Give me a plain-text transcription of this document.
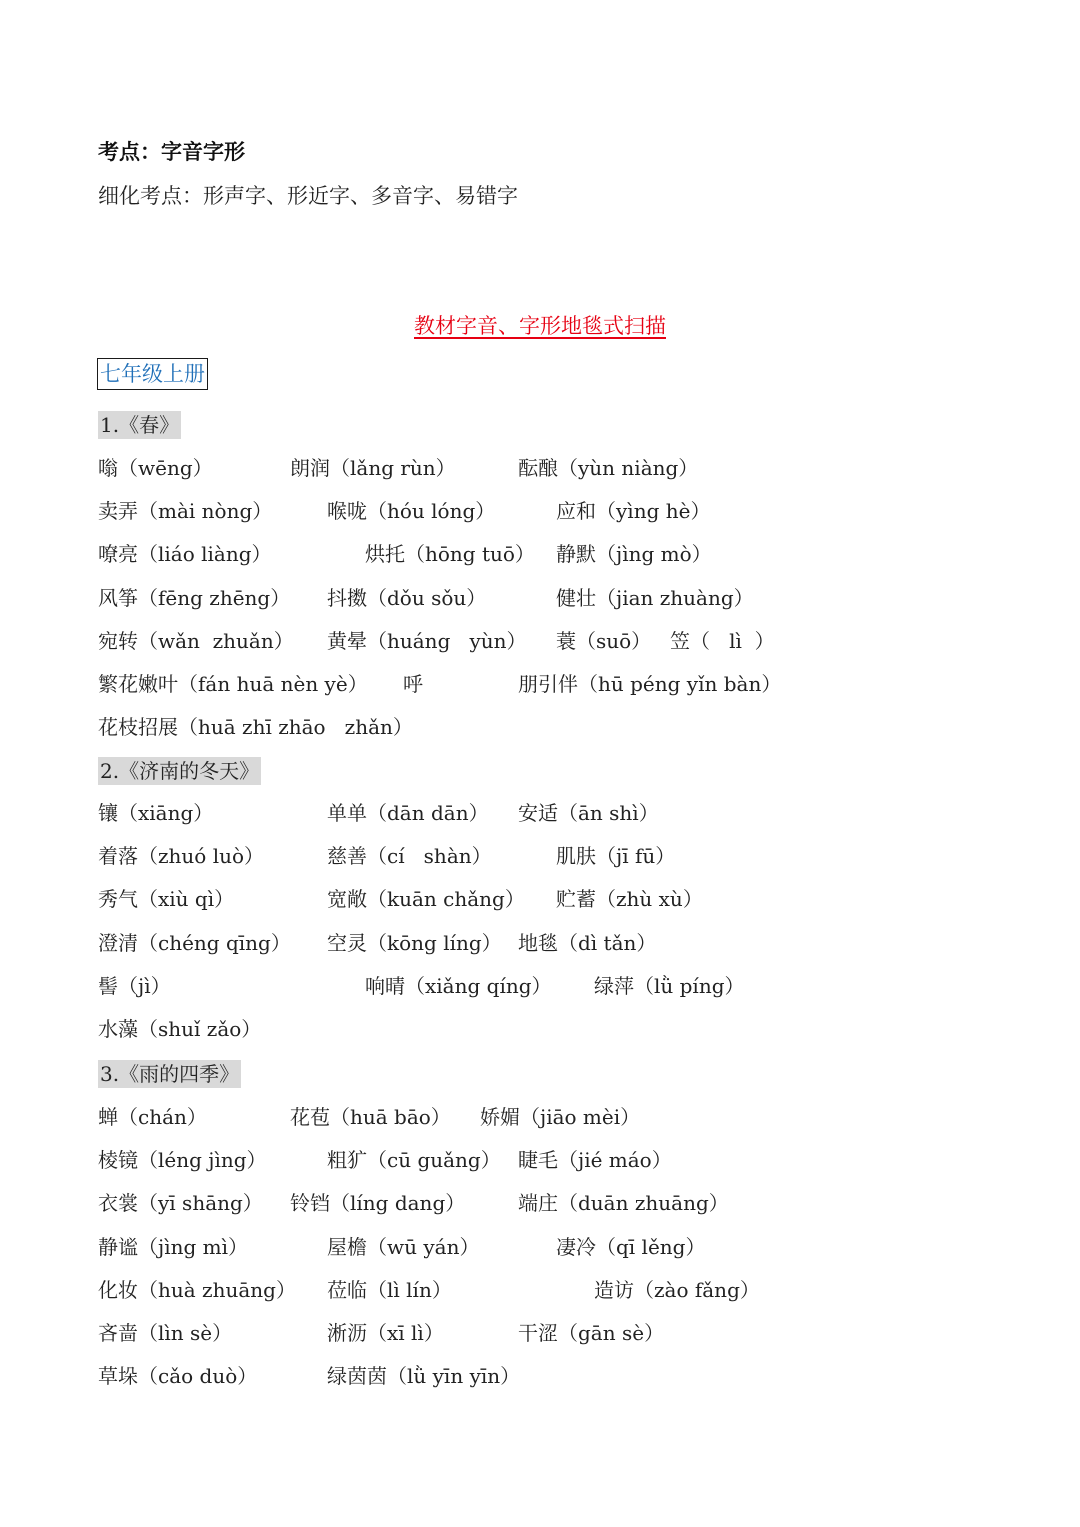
考点：字音字形
细化考点：形声字、形近字、多音字、易错字
教材字音、字形地毯式扫描
七年级上册
1.《春》
嗡（wēng）	朗润（lǎng rùn）	酝酿（yùn niàng）
卖弄（mài nòng）	喉咙（hóu lóng）	应和（yìng hè）
嘹亮（liáo liàng）	烘托（hōng tuō） 静默（jìng mò）
风筝（fēng zhēng） 抖擞（dǒu sǒu）	健壮（jian zhuàng）
宛转（wǎn  zhuǎn） 黄晕（huáng   yùn） 蓑（suō） 笠（   lì  ）
繁花嫩叶（fán huā nèn yè） 呼	朋引伴（hū péng yǐn bàn）
花枝招展（huā zhī zhāo   zhǎn）
2.《济南的冬天》
镶（xiāng）	单单（dān dān） 安适（ān shì）
着落（zhuó luò）	慈善（cí   shàn）	肌肤（jī fū）
秀气（xiù qì）	宽敞（kuān chǎng） 贮蓄（zhù xù）
澄清（chéng qīng） 空灵（kōng líng） 地毯（dì tǎn）
髻（jì）	响晴（xiǎng qíng） 绿萍（lǜ píng）
水藻（shuǐ zǎo）
3.《雨的四季》
蝉（chán）	花苞（huā bāo） 娇媚（jiāo mèi）
棱镜（léng jìng）	粗犷（cū guǎng） 睫毛（jié máo）
衣裳（yī shāng） 铃铛（líng dang）	端庄（duān zhuāng）
静谧（jìng mì）	屋檐（wū yán）	凄冷（qī lěng）
化妆（huà zhuāng） 莅临（lì lín）	造访（zào fǎng）
吝啬（lìn sè）	淅沥（xī lì）	干涩（gān sè）
草垛（cǎo duò）	绿茵茵（lǜ yīn yīn）
